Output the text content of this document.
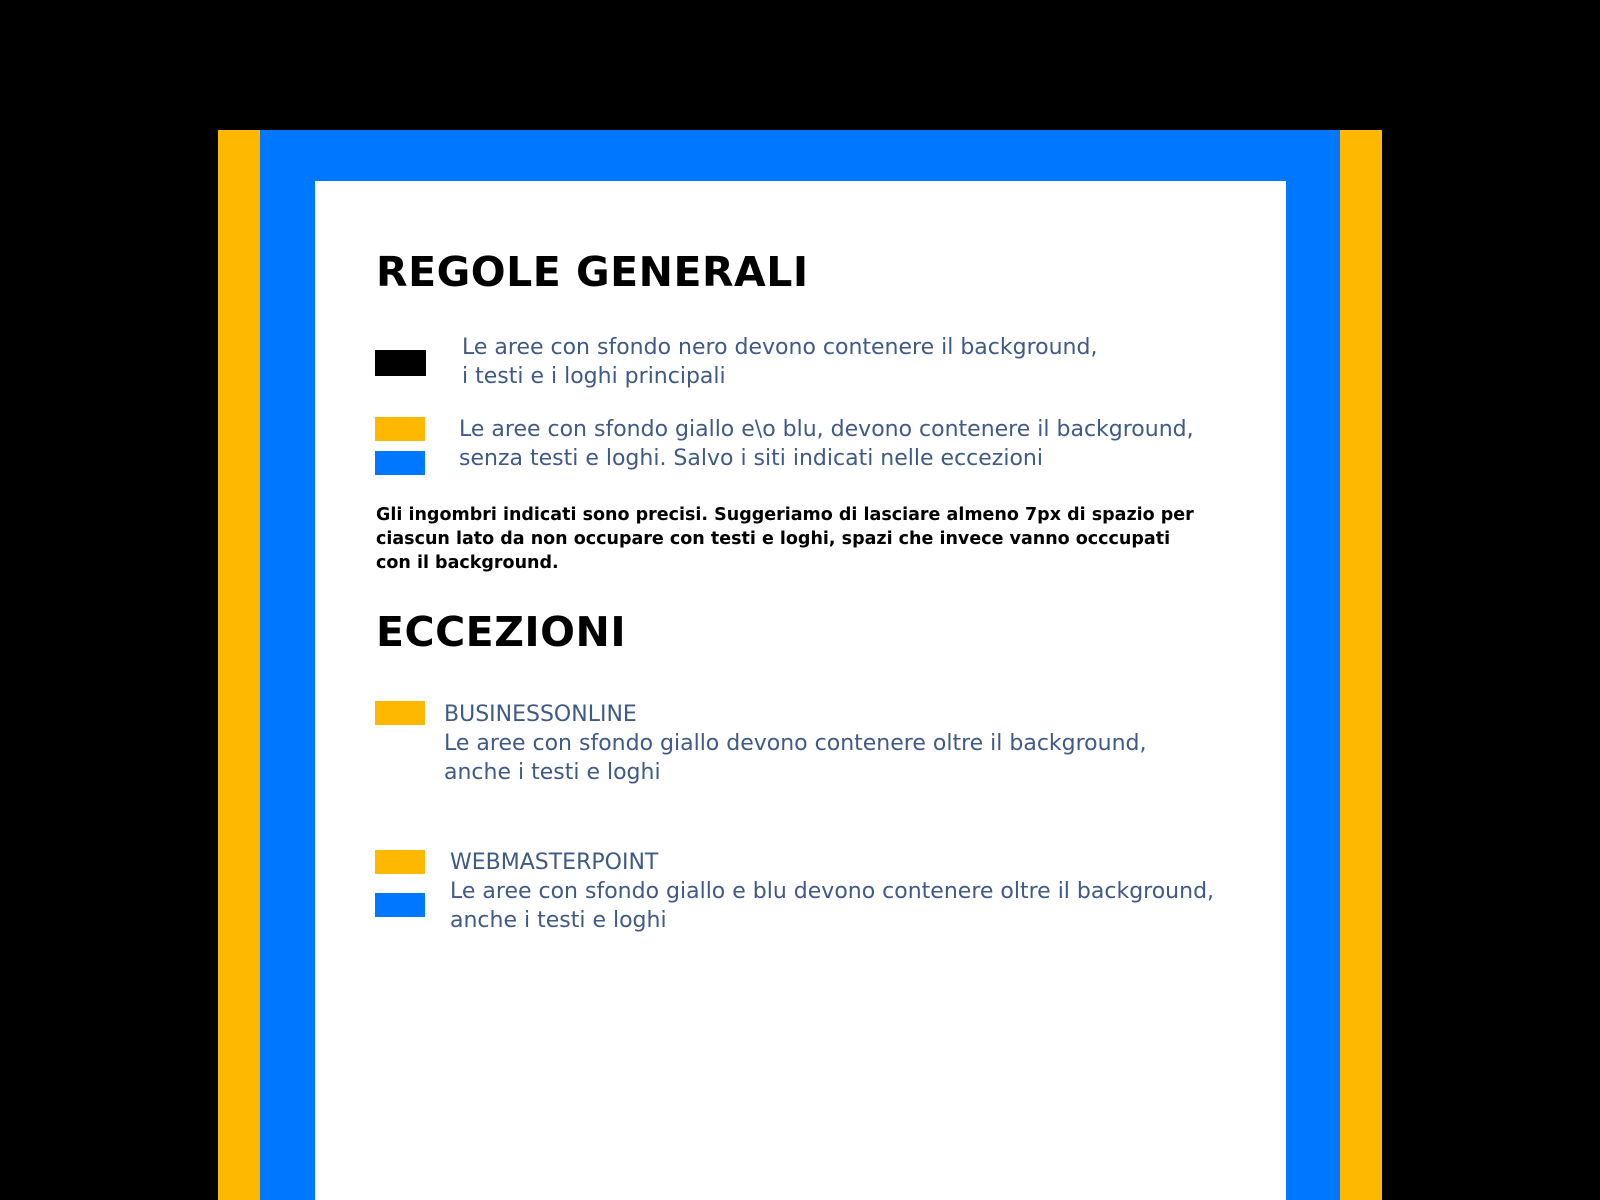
REGOLE GENERALI
Le aree con sfondo nero devono contenere il background,
i testi e i loghi principali
Le aree con sfondo giallo e\o blu, devono contenere il background,
senza testi e loghi. Salvo i siti indicati nelle eccezioni
Gli ingombri indicati sono precisi. Suggeriamo di lasciare almeno 7px di spazio per
ciascun lato da non occupare con testi e loghi, spazi che invece vanno occcupati
con il background.
ECCEZIONI
BUSINESSONLINE
Le aree con sfondo giallo devono contenere oltre il background,
anche i testi e loghi
WEBMASTERPOINT
Le aree con sfondo giallo e blu devono contenere oltre il background,
anche i testi e loghi
